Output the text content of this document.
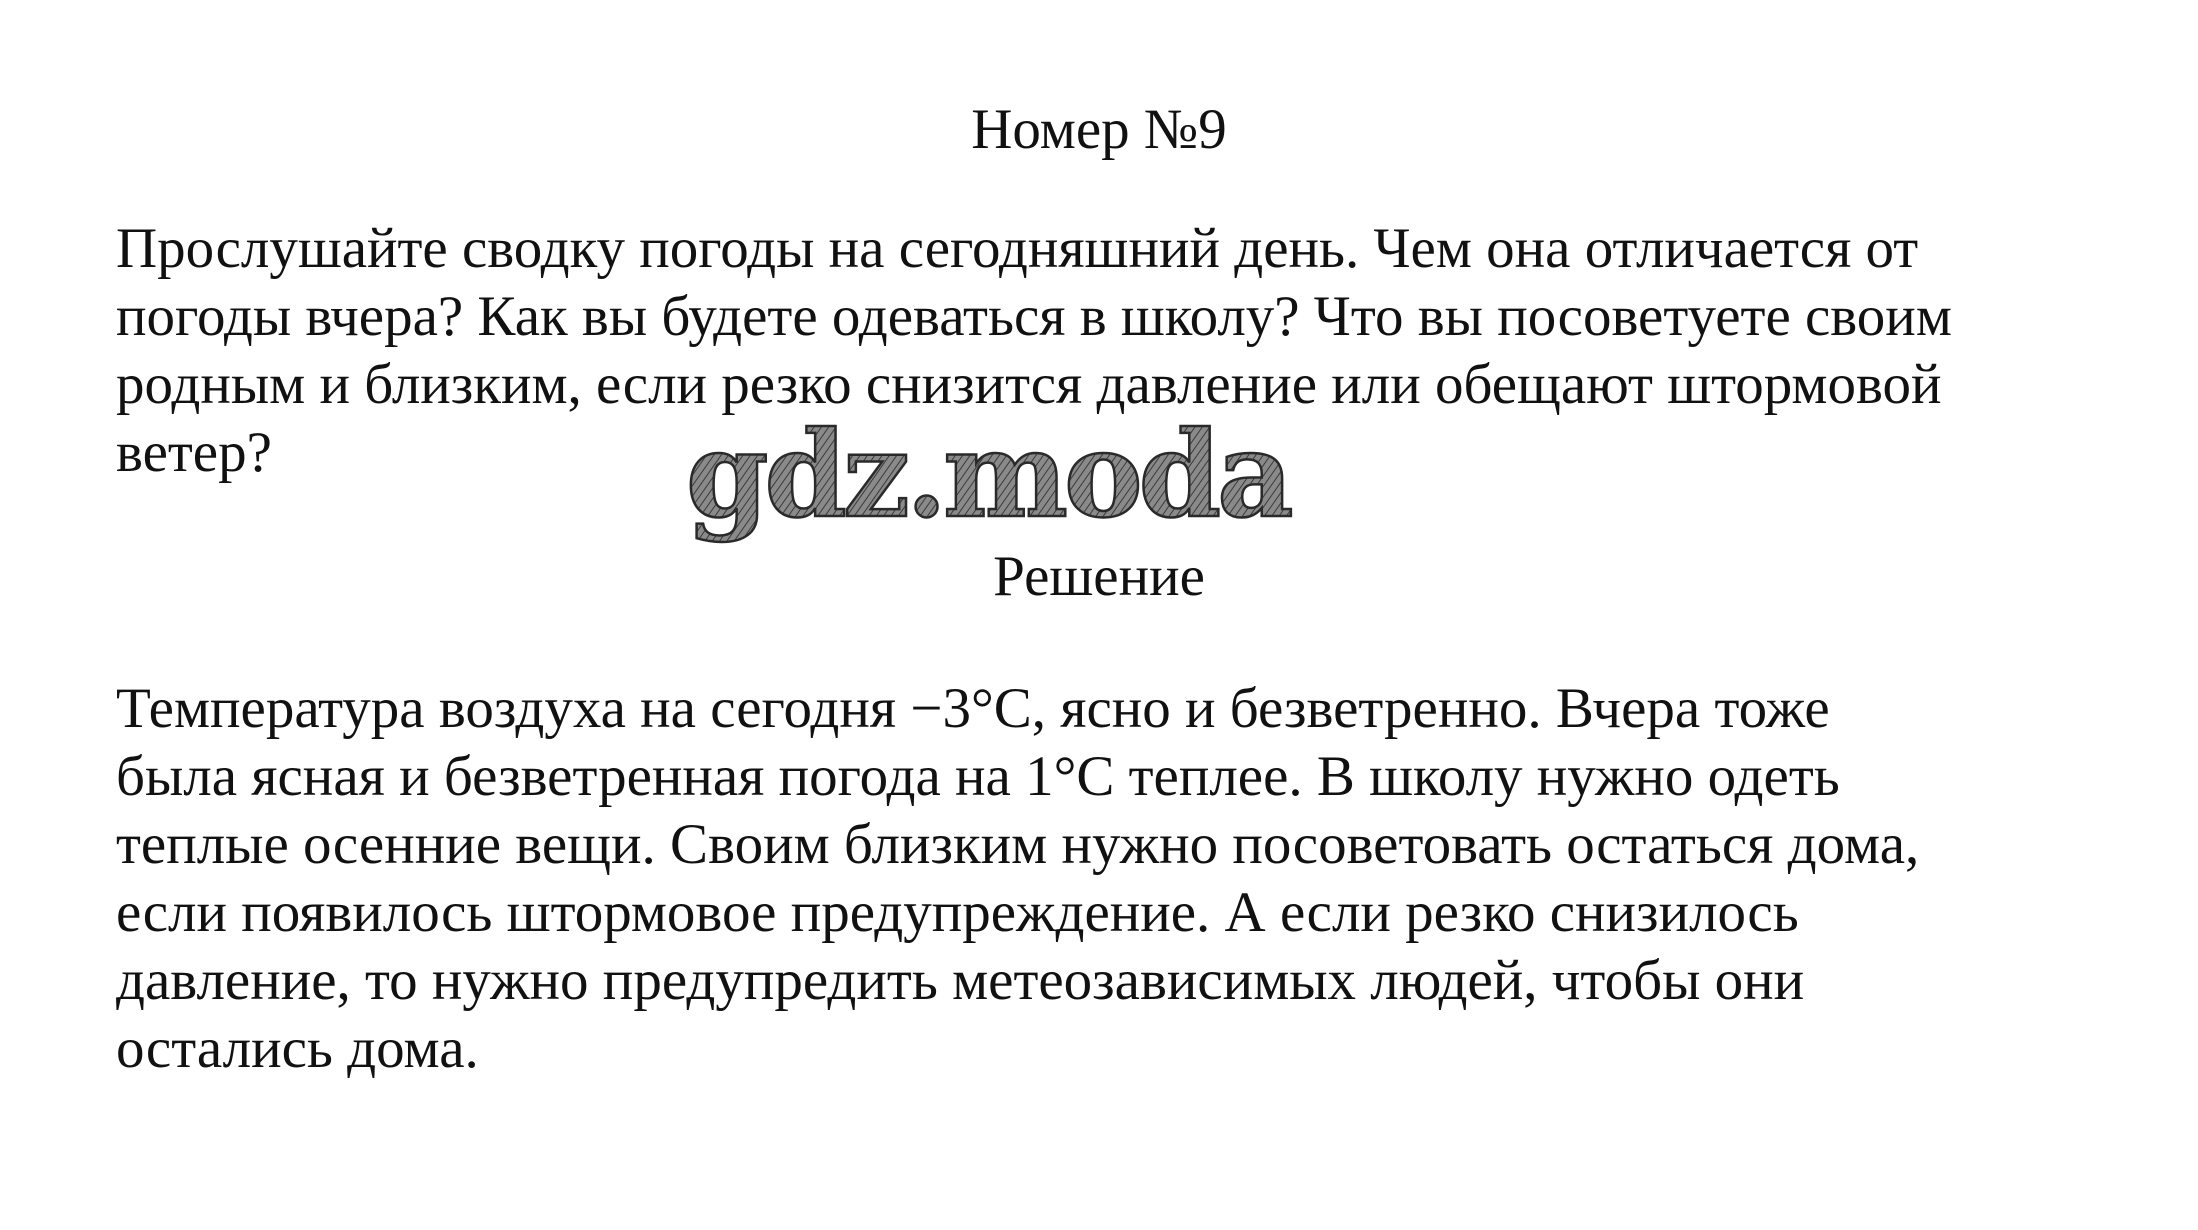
Номер №9

Прослушайте сводку погоды на сегодняшний день. Чем она отличается от
погоды вчера? Как вы будете одеваться в школу? Что вы посоветуете своим
родным и близким, если резко снизится давление или обещают штормовой
ветер?	gdz.moda
Решение

Температура воздуха на сегодня −3°С, ясно и безветренно. Вчера тоже
была ясная и безветренная погода на 1°С теплее. В школу нужно одеть
теплые осенние вещи. Своим близким нужно посоветовать остаться дома,
если появилось штормовое предупреждение. А если резко снизилось
давление, то нужно предупредить метеозависимых людей, чтобы они
остались дома.
